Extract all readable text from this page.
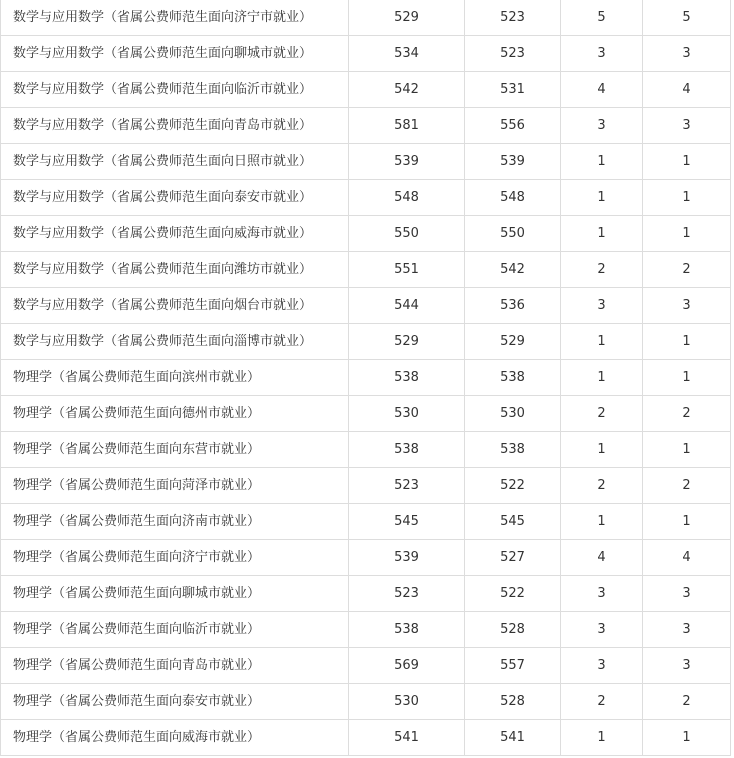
数学与应用数学（省属公费师范生面向济宁市就业）	529	523	5	5
数学与应用数学（省属公费师范生面向聊城市就业）	534	523	3	3
数学与应用数学（省属公费师范生面向临沂市就业）	542	531	4	4
数学与应用数学（省属公费师范生面向青岛市就业）	581	556	3	3
数学与应用数学（省属公费师范生面向日照市就业）	539	539	1	1
数学与应用数学（省属公费师范生面向泰安市就业）	548	548	1	1
数学与应用数学（省属公费师范生面向威海市就业）	550	550	1	1
数学与应用数学（省属公费师范生面向潍坊市就业）	551	542	2	2
数学与应用数学（省属公费师范生面向烟台市就业）	544	536	3	3
数学与应用数学（省属公费师范生面向淄博市就业）	529	529	1	1
物理学（省属公费师范生面向滨州市就业）	538	538	1	1
物理学（省属公费师范生面向德州市就业）	530	530	2	2
物理学（省属公费师范生面向东营市就业）	538	538	1	1
物理学（省属公费师范生面向菏泽市就业）	523	522	2	2
物理学（省属公费师范生面向济南市就业）	545	545	1	1
物理学（省属公费师范生面向济宁市就业）	539	527	4	4
物理学（省属公费师范生面向聊城市就业）	523	522	3	3
物理学（省属公费师范生面向临沂市就业）	538	528	3	3
物理学（省属公费师范生面向青岛市就业）	569	557	3	3
物理学（省属公费师范生面向泰安市就业）	530	528	2	2
物理学（省属公费师范生面向威海市就业）	541	541	1	1
